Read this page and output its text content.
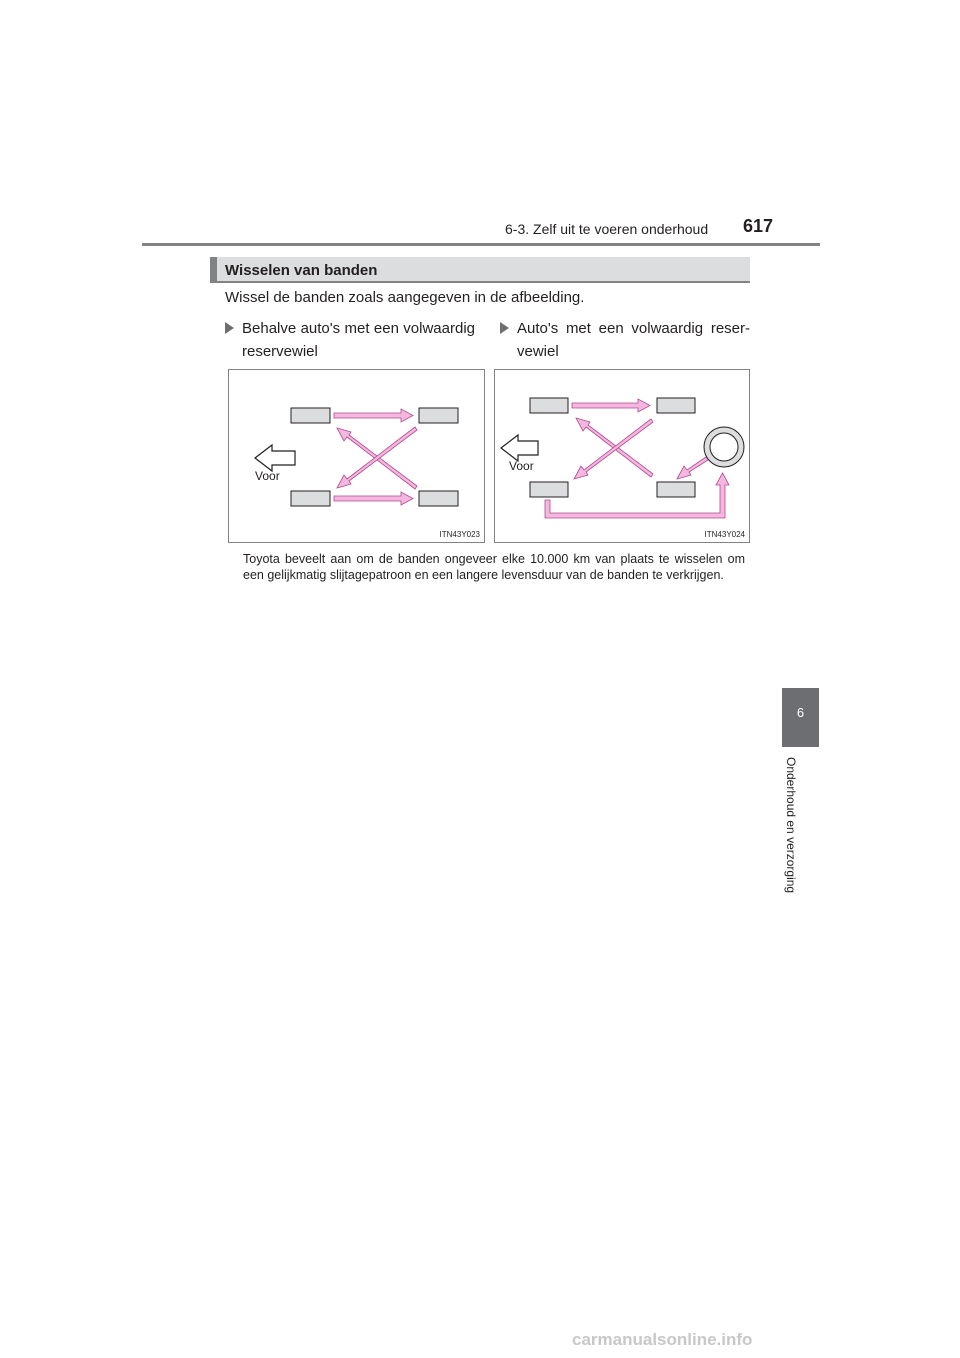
6-3. Zelf uit te voeren onderhoud 617
Wisselen van banden
Wissel de banden zoals aangegeven in de afbeelding.
Behalve auto's met een volwaardig reservewiel
Auto's met een volwaardig reser-vewiel
Voor
ITN43Y023
Voor
ITN43Y024
Toyota beveelt aan om de banden ongeveer elke 10.000 km van plaats te wisselen om een gelijkmatig slijtagepatroon en een langere levensduur van de banden te verkrijgen.
6
Onderhoud en verzorging
carmanualsonline.info
